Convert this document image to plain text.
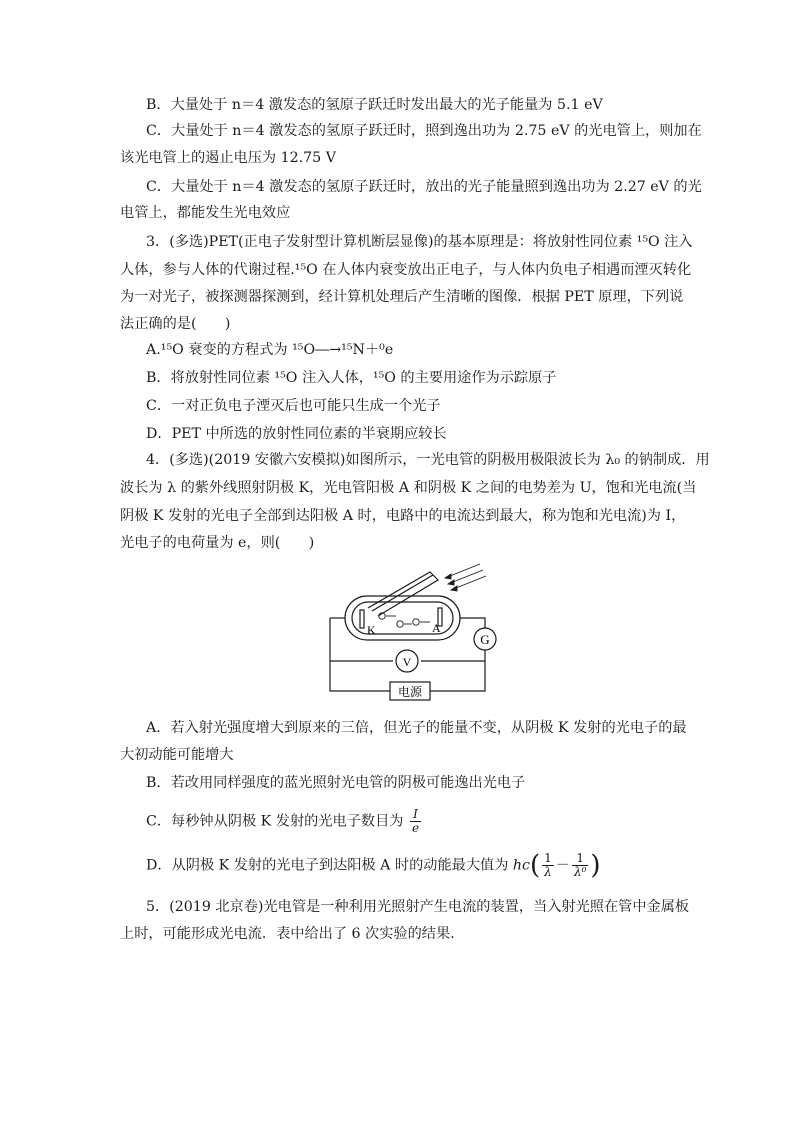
B．大量处于 n＝4 激发态的氢原子跃迁时发出最大的光子能量为 5.1 eV
C．大量处于 n＝4 激发态的氢原子跃迁时，照到逸出功为 2.75 eV 的光电管上，则加在
该光电管上的遏止电压为 12.75 V
C．大量处于 n＝4 激发态的氢原子跃迁时，放出的光子能量照到逸出功为 2.27 eV 的光
电管上，都能发生光电效应
3．(多选)PET(正电子发射型计算机断层显像)的基本原理是：将放射性同位素 ¹⁵O 注入
人体，参与人体的代谢过程.¹⁵O 在人体内衰变放出正电子，与人体内负电子相遇而湮灭转化
为一对光子，被探测器探测到，经计算机处理后产生清晰的图像．根据 PET 原理，下列说
法正确的是(　　)
A.¹⁵O 衰变的方程式为 ¹⁵O―→¹⁵N＋⁰e
B．将放射性同位素 ¹⁵O 注入人体，¹⁵O 的主要用途作为示踪原子
C．一对正负电子湮灭后也可能只生成一个光子
D．PET 中所选的放射性同位素的半衰期应较长
4．(多选)(2019 安徽六安模拟)如图所示，一光电管的阴极用极限波长为 λ₀ 的钠制成．用
波长为 λ 的紫外线照射阴极 K，光电管阳极 A 和阴极 K 之间的电势差为 U，饱和光电流(当
阴极 K 发射的光电子全部到达阳极 A 时，电路中的电流达到最大，称为饱和光电流)为 I，
光电子的电荷量为 e，则(　　)
G
V
电源
K	A
A．若入射光强度增大到原来的三倍，但光子的能量不变，从阴极 K 发射的光电子的最
大初动能可能增大
B．若改用同样强度的蓝光照射光电管的阴极可能逸出光电子
C．每秒钟从阴极 K 发射的光电子数目为 $\frac{I}{e}$
D．从阴极 K 发射的光电子到达阳极 A 时的动能最大值为 $hc( \frac{1}{\lambda} - \frac{1}{\text{λ⁰}}$ )
5．(2019 北京卷)光电管是一种利用光照射产生电流的装置，当入射光照在管中金属板
上时，可能形成光电流．表中给出了 6 次实验的结果.
